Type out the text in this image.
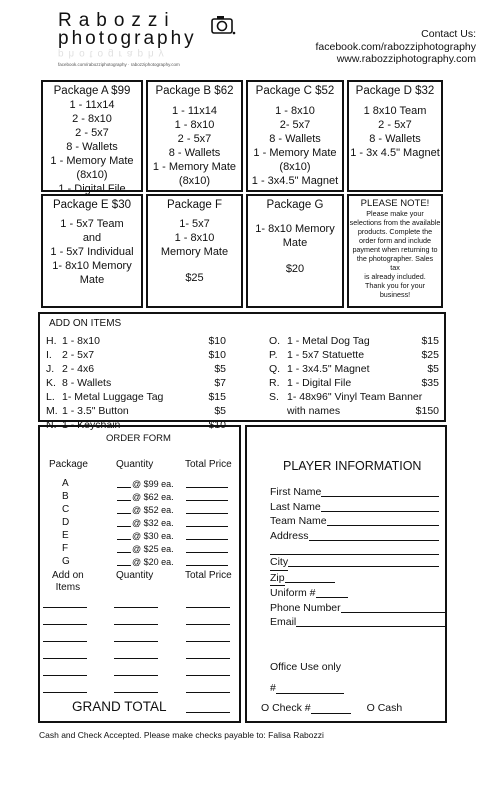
Rabozzi
photography
photography
facebook.com/rabozziphotography · rabozziphotography.com
Contact Us:
facebook.com/rabozziphotography
www.rabozziphotography.com
Package A $99
1 - 11x14
2 - 8x10
2 - 5x7
8 - Wallets
1 - Memory Mate
(8x10)
1 - Digital File
Package B $62
1 - 11x14
1 - 8x10
2 - 5x7
8 - Wallets
1 - Memory Mate
(8x10)
Package C $52
1 - 8x10
2- 5x7
8 - Wallets
1 - Memory Mate
(8x10)
1 - 3x4.5" Magnet
Package D $32
1 8x10 Team
2 - 5x7
8 - Wallets
1 - 3x 4.5" Magnet
Package E $30
1 - 5x7 Team
and
1 - 5x7 Individual
1- 8x10 Memory
Mate
Package F
1- 5x7
1 - 8x10
Memory Mate
$25
Package G
1- 8x10 Memory
Mate
$20
PLEASE NOTE!
Please make your
selections from the available
products. Complete the
order form and include
payment when returning to
the photographer. Sales
tax
is already included.
Thank you for your
business!
ADD ON ITEMS
H. 1 - 8x10	$10
I. 2 - 5x7	$10
J. 2 - 4x6	$5
K. 8 - Wallets	$7
L. 1- Metal Luggage Tag	$15
M. 1 - 3.5" Button	$5
N. 1 - Keychain	$10
O. 1 - Metal Dog Tag	$15
P. 1 - 5x7 Statuette	$25
Q. 1 - 3x4.5" Magnet	$5
R. 1 - Digital File	$35
S. 1- 48x96" Vinyl Team Banner
with names	$150
ORDER FORM
Package	Quantity	Total Price
A	@ $99 ea.
B	@ $62 ea.
C	@ $52 ea.
D	@ $32 ea.
E	@ $30 ea.
F	@ $25 ea.
G	@ $20 ea.
Add on
Items
Quantity	Total Price
GRAND TOTAL
PLAYER INFORMATION
First Name
Last Name
Team Name
Address
City
Zip
Uniform #
Phone Number
Email
Office Use only
#
O Check #	O Cash
Cash and Check Accepted. Please make checks payable to: Falisa Rabozzi
